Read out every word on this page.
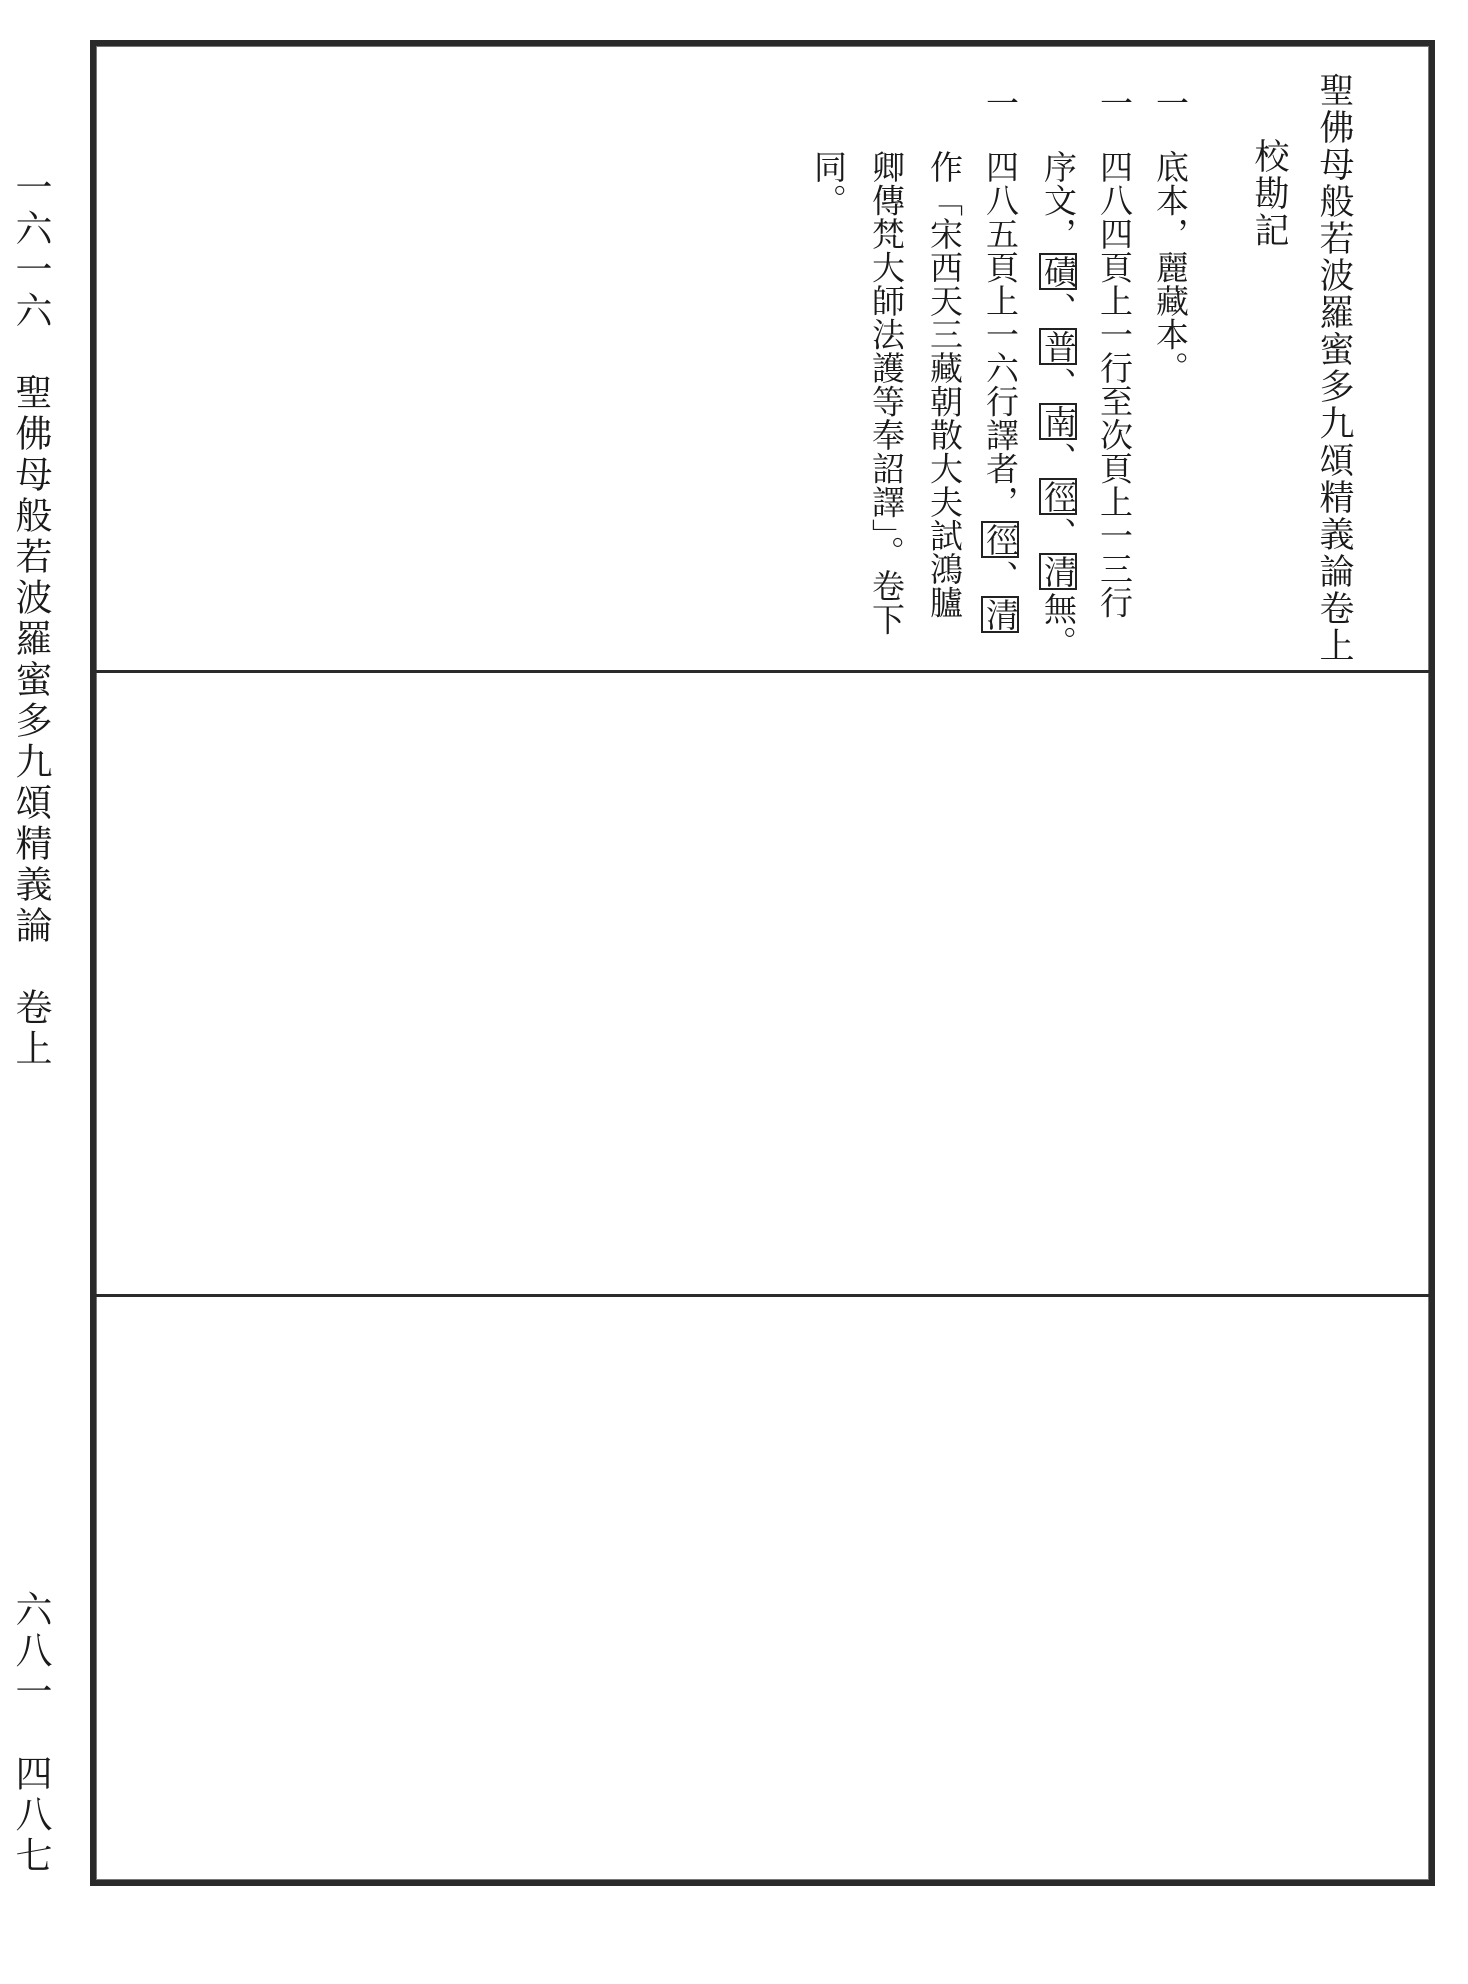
一六一六　聖佛母般若波羅蜜多九頌精義論　卷上
六八一　四八七
聖佛母般若波羅蜜多九頌精義論卷上
校勘記
一
一
一
底本，麗藏本。
四八四頁上一行至次頁上一三行
序文，磧、普、南、徑、清無。
四八五頁上一六行譯者，徑、清
作「宋西天三藏朝散大夫試鴻臚
卿傳梵大師法護等奉詔譯」。卷下
同。
